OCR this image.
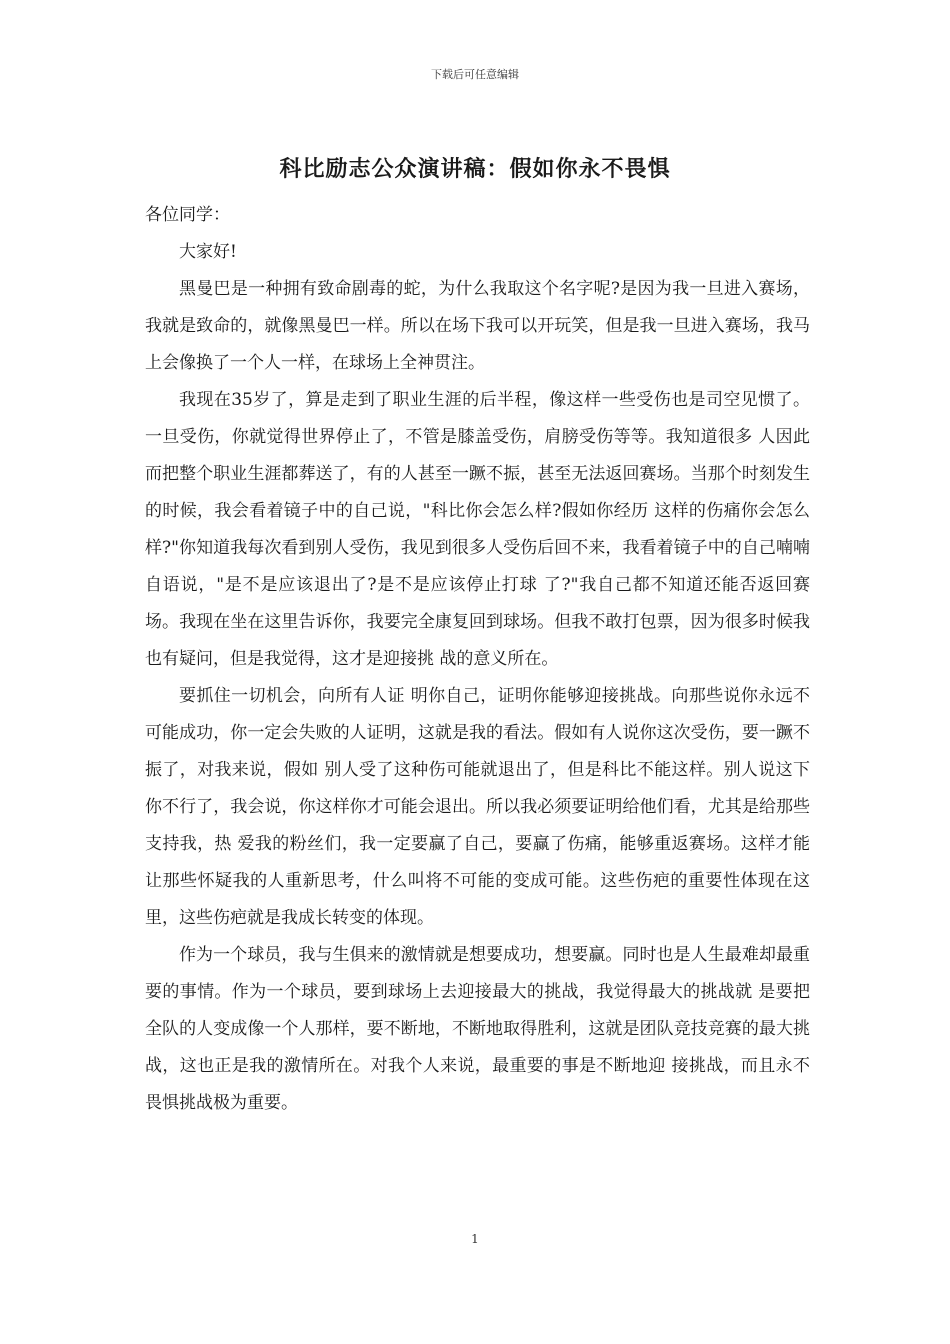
下载后可任意编辑
科比励志公众演讲稿：假如你永不畏惧

各位同学：

大家好!

黑曼巴是一种拥有致命剧毒的蛇，为什么我取这个名字呢?是因为我一旦进入赛场，我就是致命的，就像黑曼巴一样。所以在场下我可以开玩笑，但是我一旦进入赛场，我马上会像换了一个人一样，在球场上全神贯注。

我现在35岁了，算是走到了职业生涯的后半程，像这样一些受伤也是司空见惯了。一旦受伤，你就觉得世界停止了，不管是膝盖受伤，肩膀受伤等等。我知道很多 人因此而把整个职业生涯都葬送了，有的人甚至一蹶不振，甚至无法返回赛场。当那个时刻发生的时候，我会看着镜子中的自己说，"科比你会怎么样?假如你经历 这样的伤痛你会怎么样?"你知道我每次看到别人受伤，我见到很多人受伤后回不来，我看着镜子中的自己喃喃自语说，"是不是应该退出了?是不是应该停止打球 了?"我自己都不知道还能否返回赛场。我现在坐在这里告诉你，我要完全康复回到球场。但我不敢打包票，因为很多时候我也有疑问，但是我觉得，这才是迎接挑 战的意义所在。

要抓住一切机会，向所有人证 明你自己，证明你能够迎接挑战。向那些说你永远不可能成功，你一定会失败的人证明，这就是我的看法。假如有人说你这次受伤，要一蹶不振了，对我来说，假如 别人受了这种伤可能就退出了，但是科比不能这样。别人说这下你不行了，我会说，你这样你才可能会退出。所以我必须要证明给他们看，尤其是给那些支持我，热 爱我的粉丝们，我一定要赢了自己，要赢了伤痛，能够重返赛场。这样才能让那些怀疑我的人重新思考，什么叫将不可能的变成可能。这些伤疤的重要性体现在这 里，这些伤疤就是我成长转变的体现。

作为一个球员，我与生俱来的激情就是想要成功，想要赢。同时也是人生最难却最重要的事情。作为一个球员，要到球场上去迎接最大的挑战，我觉得最大的挑战就 是要把全队的人变成像一个人那样，要不断地，不断地取得胜利，这就是团队竞技竞赛的最大挑战，这也正是我的激情所在。对我个人来说，最重要的事是不断地迎 接挑战，而且永不畏惧挑战极为重要。

1
